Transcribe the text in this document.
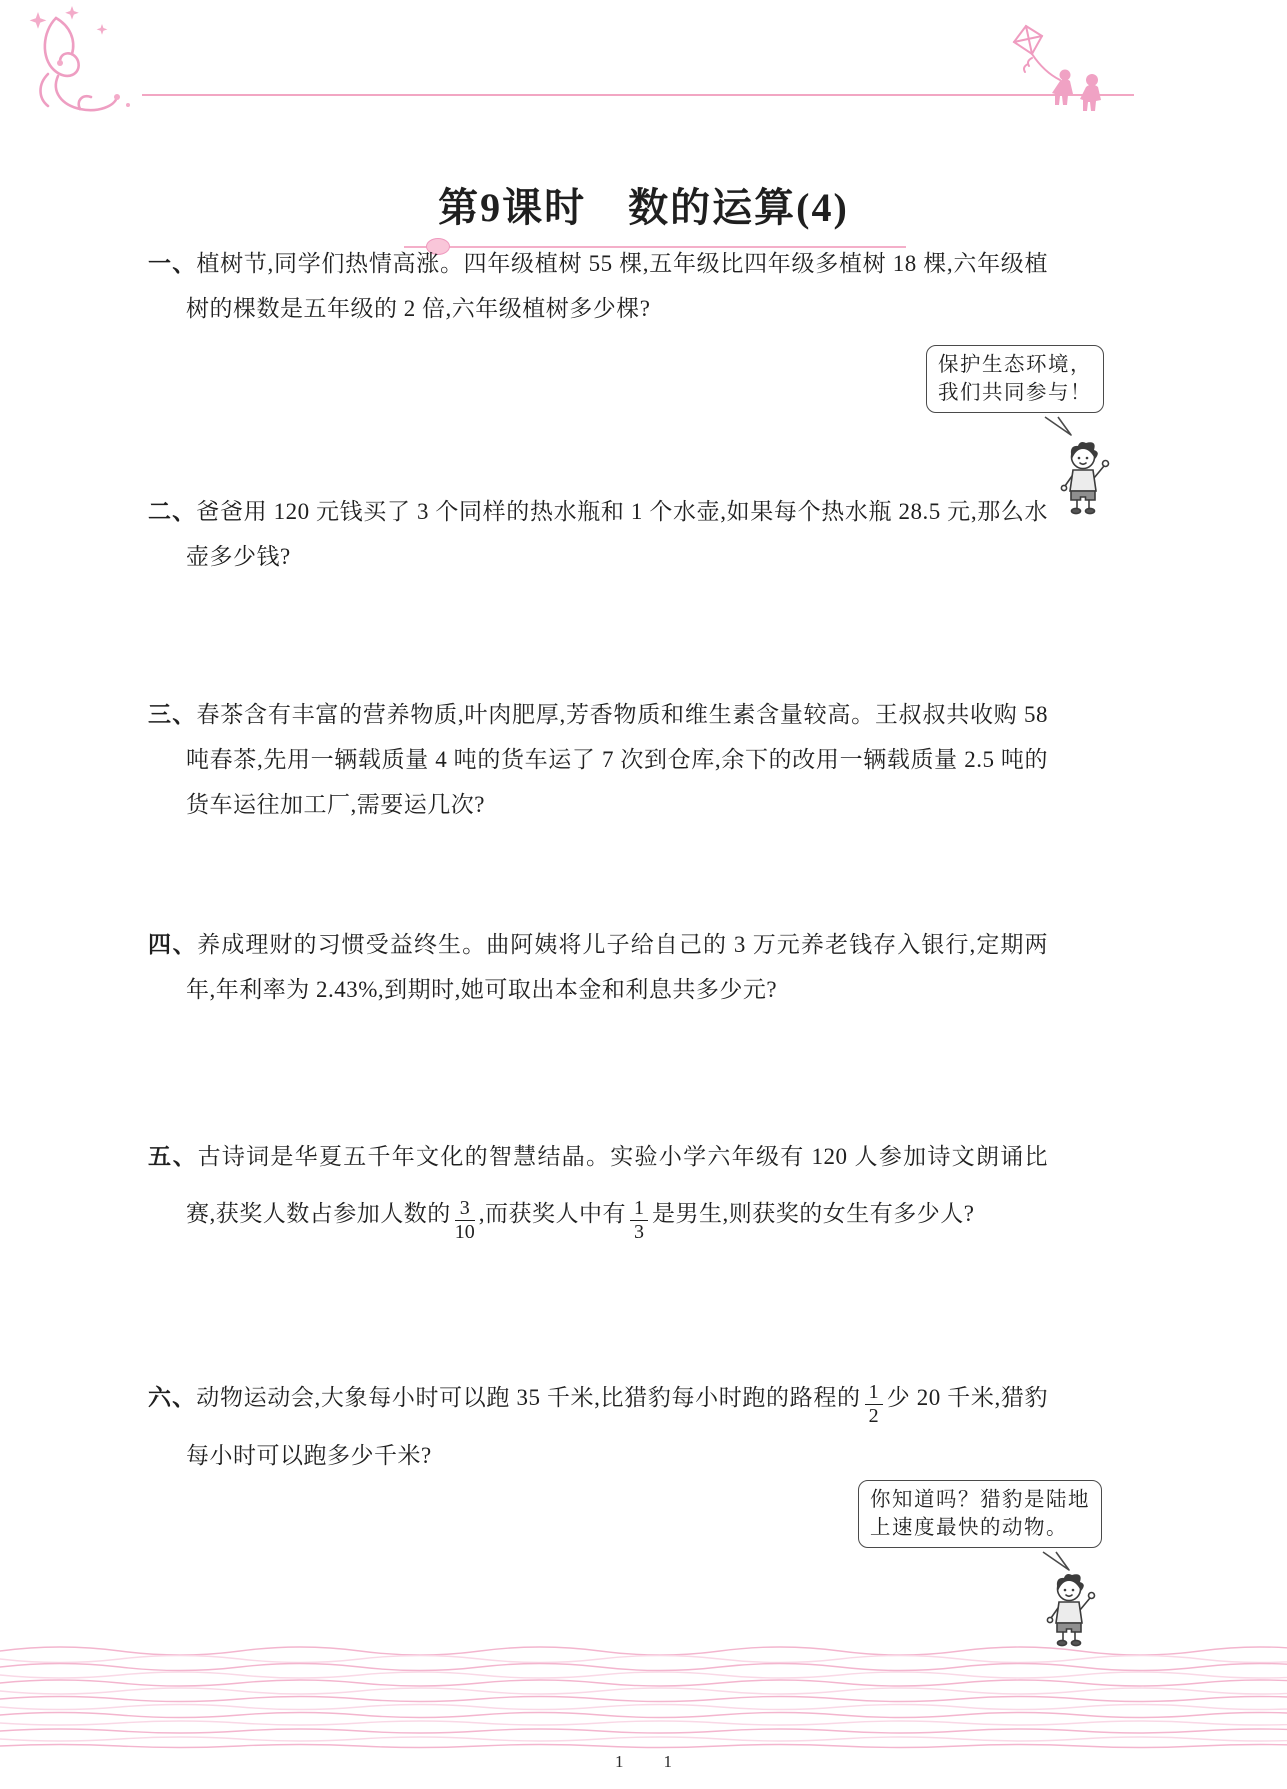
第9课时　数的运算(4)
一、植树节,同学们热情高涨。四年级植树 55 棵,五年级比四年级多植树 18 棵,六年级植树的棵数是五年级的 2 倍,六年级植树多少棵?
二、爸爸用 120 元钱买了 3 个同样的热水瓶和 1 个水壶,如果每个热水瓶 28.5 元,那么水壶多少钱?
三、春茶含有丰富的营养物质,叶肉肥厚,芳香物质和维生素含量较高。王叔叔共收购 58 吨春茶,先用一辆载质量 4 吨的货车运了 7 次到仓库,余下的改用一辆载质量 2.5 吨的货车运往加工厂,需要运几次?
四、养成理财的习惯受益终生。曲阿姨将儿子给自己的 3 万元养老钱存入银行,定期两年,年利率为 2.43%,到期时,她可取出本金和利息共多少元?
五、古诗词是华夏五千年文化的智慧结晶。实验小学六年级有 120 人参加诗文朗诵比赛,获奖人数占参加人数的 $\frac{3}{10}$ ,而获奖人中有 $\frac{1}{3}$ 是男生,则获奖的女生有多少人?
六、动物运动会,大象每小时可以跑 35 千米,比猎豹每小时跑的路程的 $\frac{1}{2}$ 少 20 千米,猎豹每小时可以跑多少千米?
保护生态环境，
我们共同参与！
你知道吗？猎豹是陆地
上速度最快的动物。
1 1
